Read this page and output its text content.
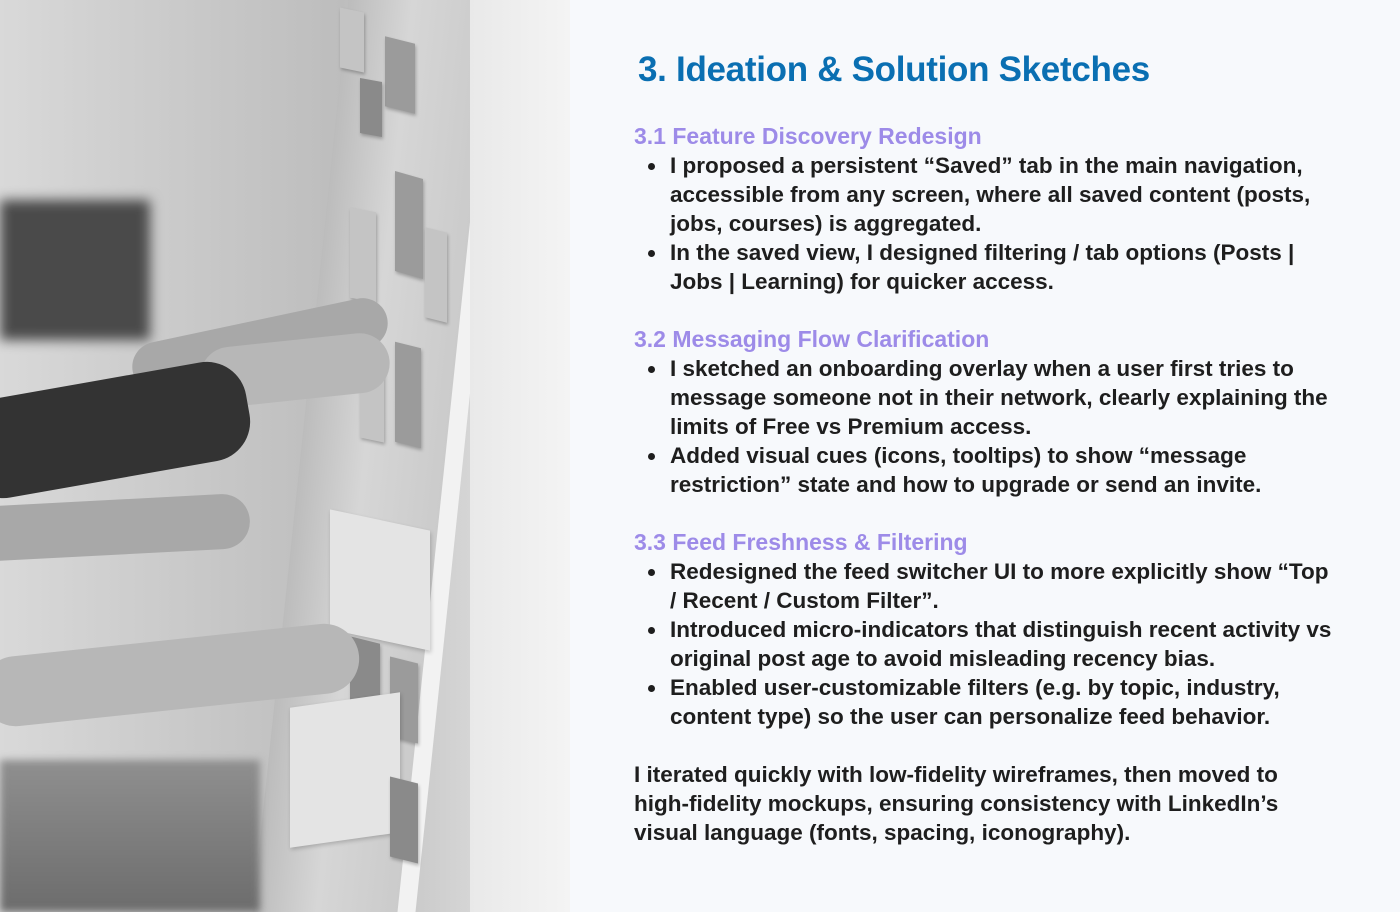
3. Ideation & Solution Sketches
3.1 Feature Discovery Redesign
I proposed a persistent “Saved” tab in the main navigation, accessible from any screen, where all saved content (posts, jobs, courses) is aggregated.
In the saved view, I designed filtering / tab options (Posts | Jobs | Learning) for quicker access.
3.2 Messaging Flow Clarification
I sketched an onboarding overlay when a user first tries to message someone not in their network, clearly explaining the limits of Free vs Premium access.
Added visual cues (icons, tooltips) to show “message restriction” state and how to upgrade or send an invite.
3.3 Feed Freshness & Filtering
Redesigned the feed switcher UI to more explicitly show “Top / Recent / Custom Filter”.
Introduced micro-indicators that distinguish recent activity vs original post age to avoid misleading recency bias.
Enabled user-customizable filters (e.g. by topic, industry, content type) so the user can personalize feed behavior.

I iterated quickly with low-fidelity wireframes, then moved to high-fidelity mockups, ensuring consistency with LinkedIn’s visual language (fonts, spacing, iconography).
